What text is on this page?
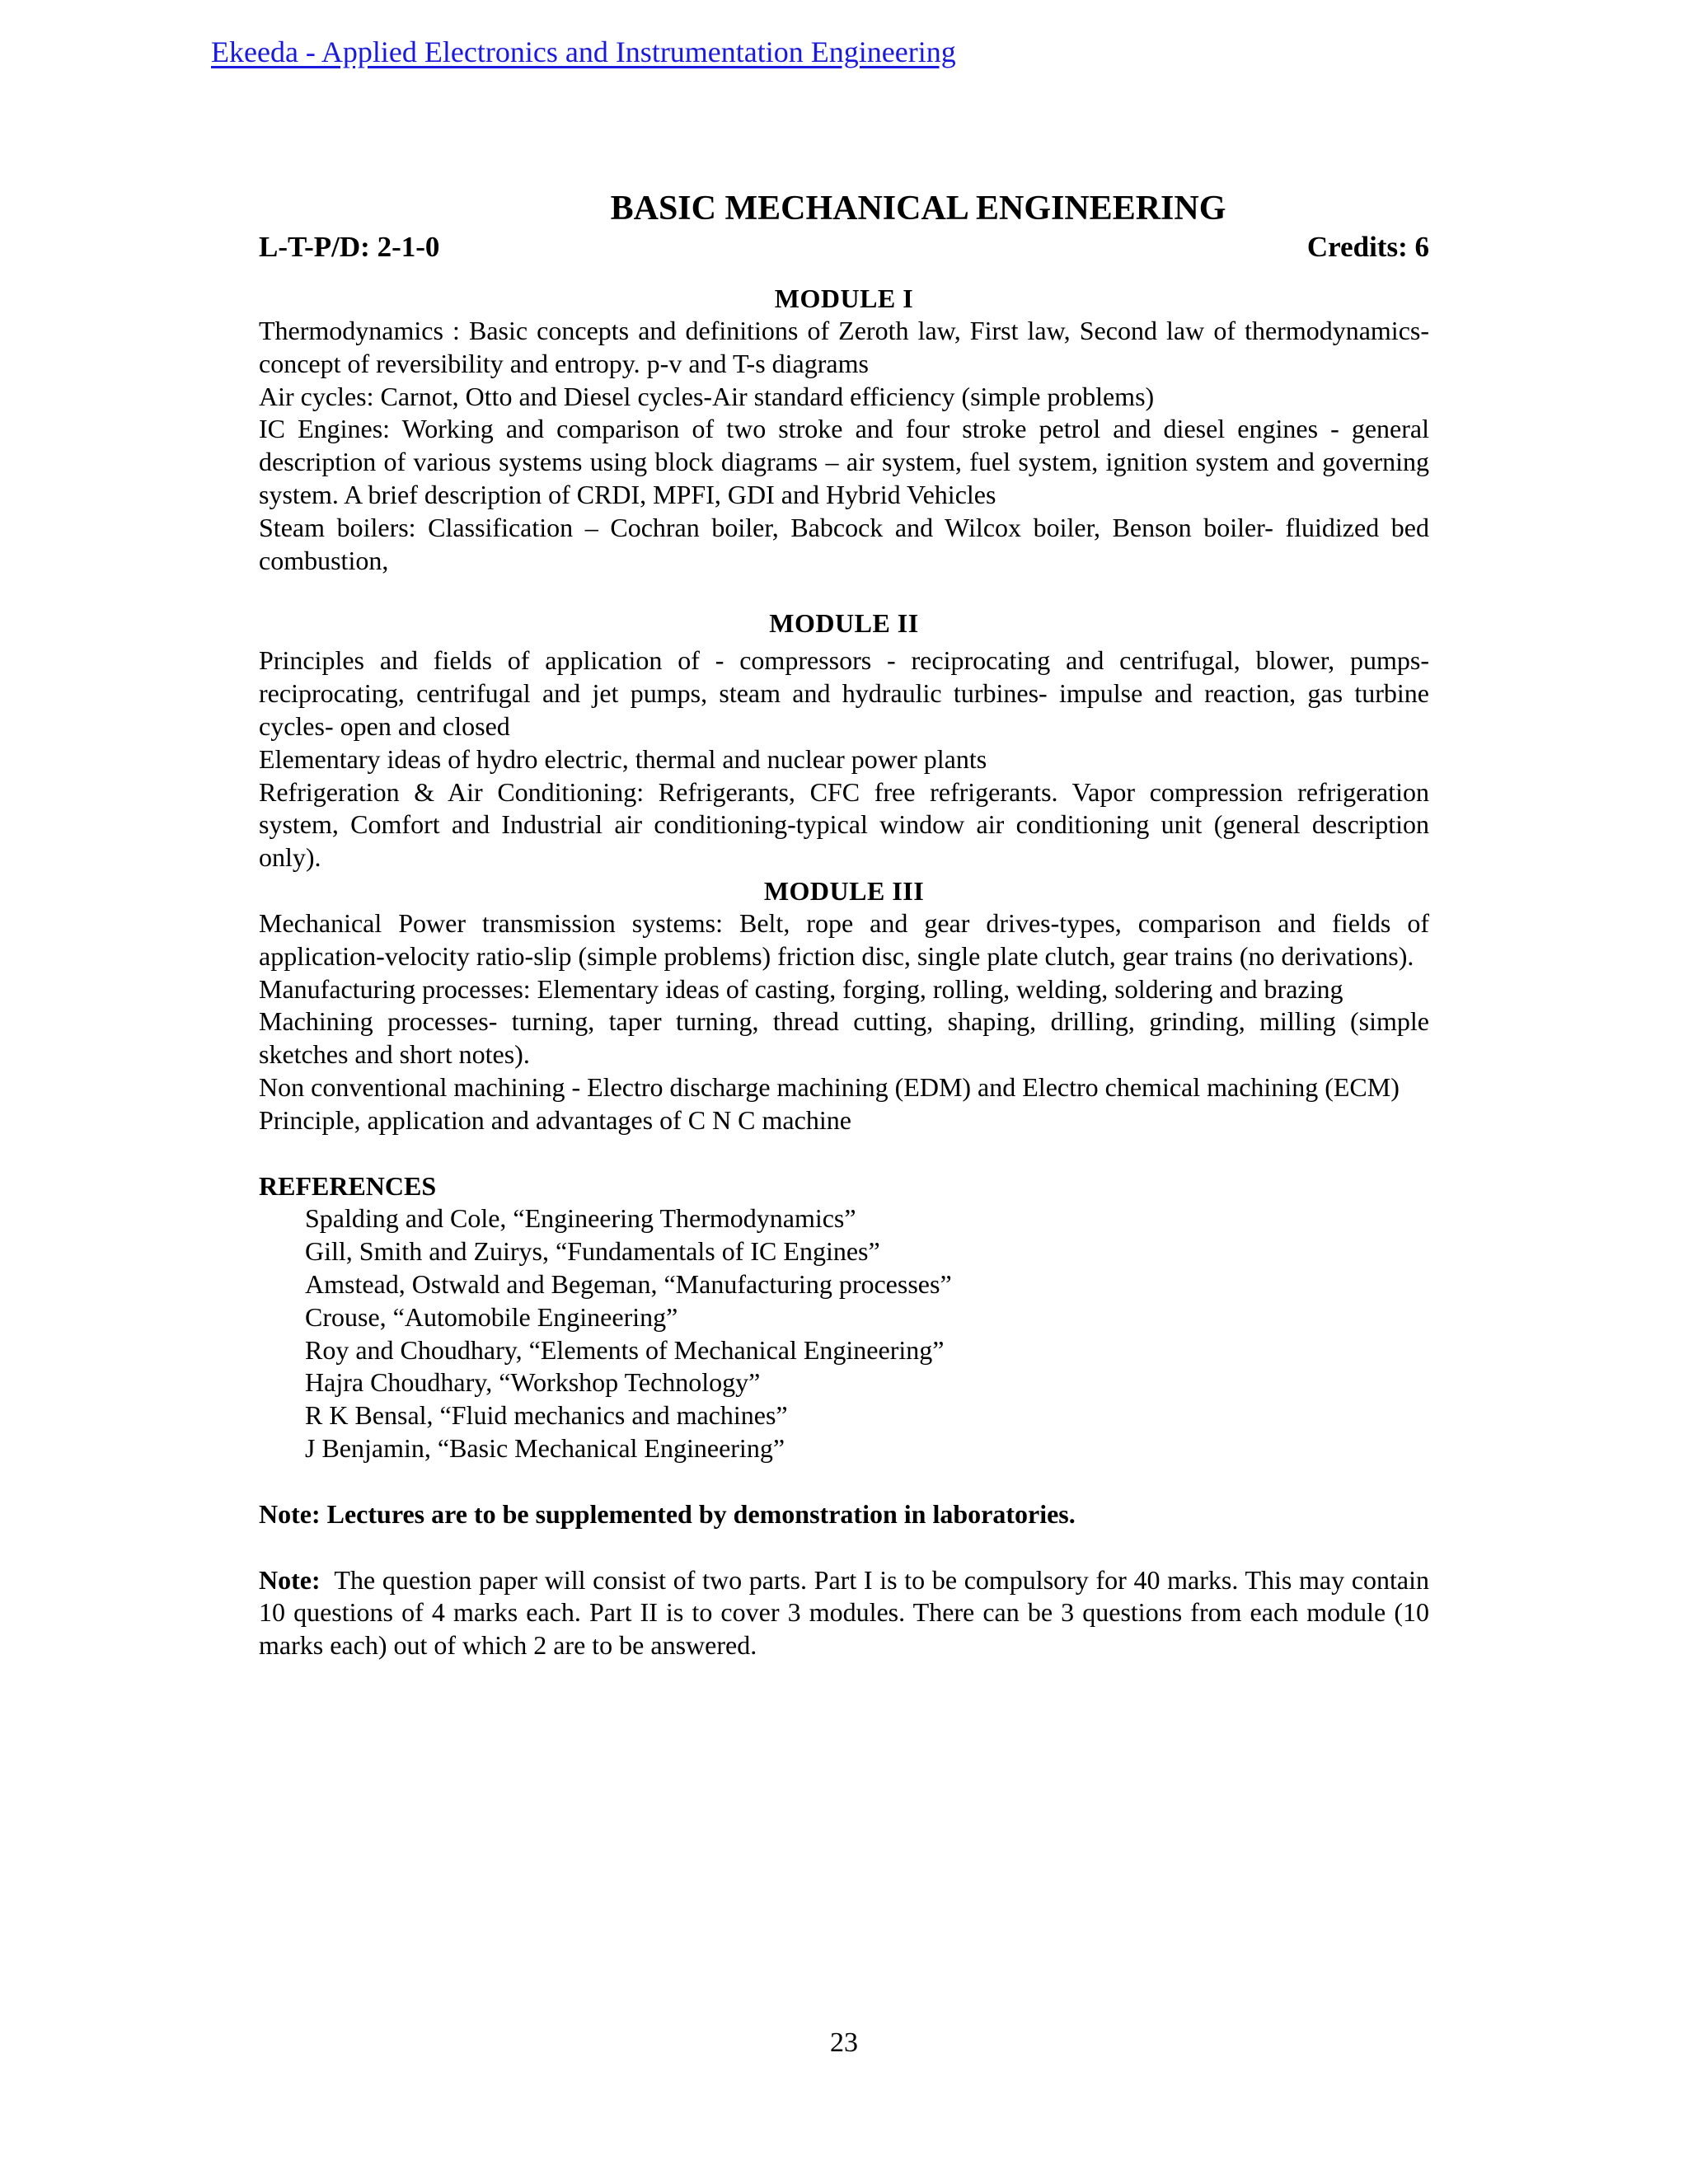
Ekeeda - Applied Electronics and Instrumentation Engineering
BASIC MECHANICAL ENGINEERING
L-T-P/D: 2-1-0	Credits: 6
MODULE I

Thermodynamics : Basic concepts and definitions of Zeroth law, First law, Second law of thermodynamics- concept of reversibility and entropy. p-v and T-s diagrams

Air cycles: Carnot, Otto and Diesel cycles-Air standard efficiency (simple problems)

IC Engines: Working and comparison of two stroke and four stroke petrol and diesel engines - general description of various systems using block diagrams – air system, fuel system, ignition system and governing system. A brief description of CRDI, MPFI, GDI and Hybrid Vehicles

Steam boilers: Classification – Cochran boiler, Babcock and Wilcox boiler, Benson boiler- fluidized bed combustion,

MODULE II

Principles and fields of application of - compressors - reciprocating and centrifugal, blower, pumps- reciprocating, centrifugal and jet pumps, steam and hydraulic turbines- impulse and reaction, gas turbine cycles- open and closed

Elementary ideas of hydro electric, thermal and nuclear power plants

Refrigeration & Air Conditioning: Refrigerants, CFC free refrigerants. Vapor compression refrigeration system, Comfort and Industrial air conditioning-typical window air conditioning unit (general description only).

MODULE III

Mechanical Power transmission systems: Belt, rope and gear drives-types, comparison and fields of application-velocity ratio-slip (simple problems) friction disc, single plate clutch, gear trains (no derivations).

Manufacturing processes: Elementary ideas of casting, forging, rolling, welding, soldering and brazing

Machining processes- turning, taper turning, thread cutting, shaping, drilling, grinding, milling (simple sketches and short notes).

Non conventional machining - Electro discharge machining (EDM) and Electro chemical machining (ECM)

Principle, application and advantages of C N C machine

REFERENCES
Spalding and Cole, “Engineering Thermodynamics”
Gill, Smith and Zuirys, “Fundamentals of IC Engines”
Amstead, Ostwald and Begeman, “Manufacturing processes”
Crouse, “Automobile Engineering”
Roy and Choudhary, “Elements of Mechanical Engineering”
Hajra Choudhary, “Workshop Technology”
R K Bensal, “Fluid mechanics and machines”
J Benjamin, “Basic Mechanical Engineering”
Note: Lectures are to be supplemented by demonstration in laboratories.
Note: The question paper will consist of two parts. Part I is to be compulsory for 40 marks. This may contain 10 questions of 4 marks each. Part II is to cover 3 modules. There can be 3 questions from each module (10 marks each) out of which 2 are to be answered.
23
